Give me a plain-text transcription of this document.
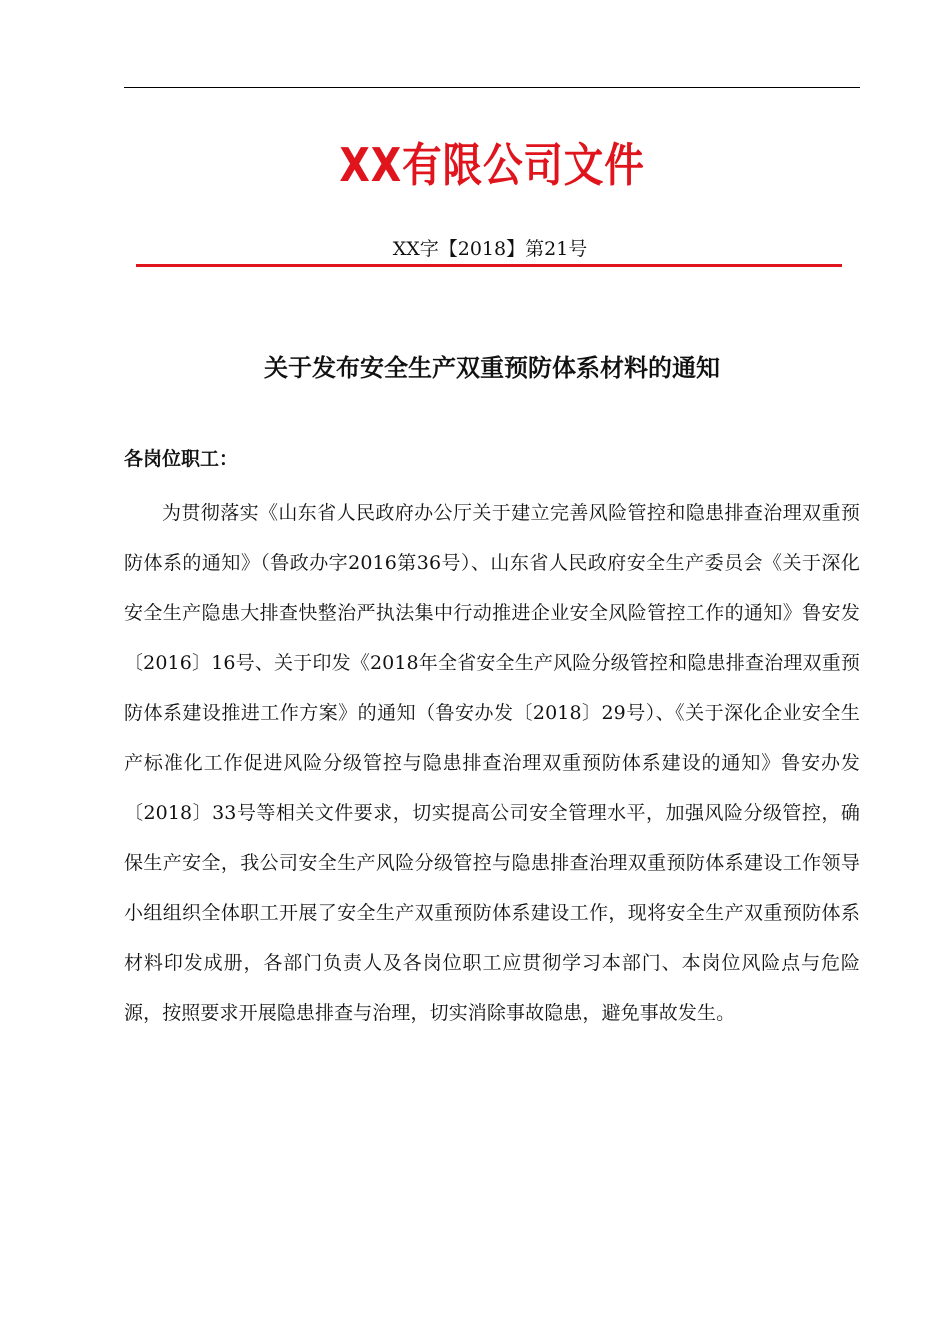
XX有限公司文件
XX字【2018】第21号
关于发布安全生产双重预防体系材料的通知
各岗位职工：

为贯彻落实《山东省人民政府办公厅关于建立完善风险管控和隐患排查治理双重预防体系的通知》（鲁政办字2016第36号）、山东省人民政府安全生产委员会《关于深化安全生产隐患大排查快整治严执法集中行动推进企业安全风险管控工作的通知》鲁安发〔2016〕16号、关于印发《2018年全省安全生产风险分级管控和隐患排查治理双重预防体系建设推进工作方案》的通知（鲁安办发〔2018〕29号）、《关于深化企业安全生产标准化工作促进风险分级管控与隐患排查治理双重预防体系建设的通知》鲁安办发〔2018〕33号等相关文件要求，切实提高公司安全管理水平，加强风险分级管控，确保生产安全，我公司安全生产风险分级管控与隐患排查治理双重预防体系建设工作领导小组组织全体职工开展了安全生产双重预防体系建设工作，现将安全生产双重预防体系材料印发成册，各部门负责人及各岗位职工应贯彻学习本部门、本岗位风险点与危险源，按照要求开展隐患排查与治理，切实消除事故隐患，避免事故发生。
